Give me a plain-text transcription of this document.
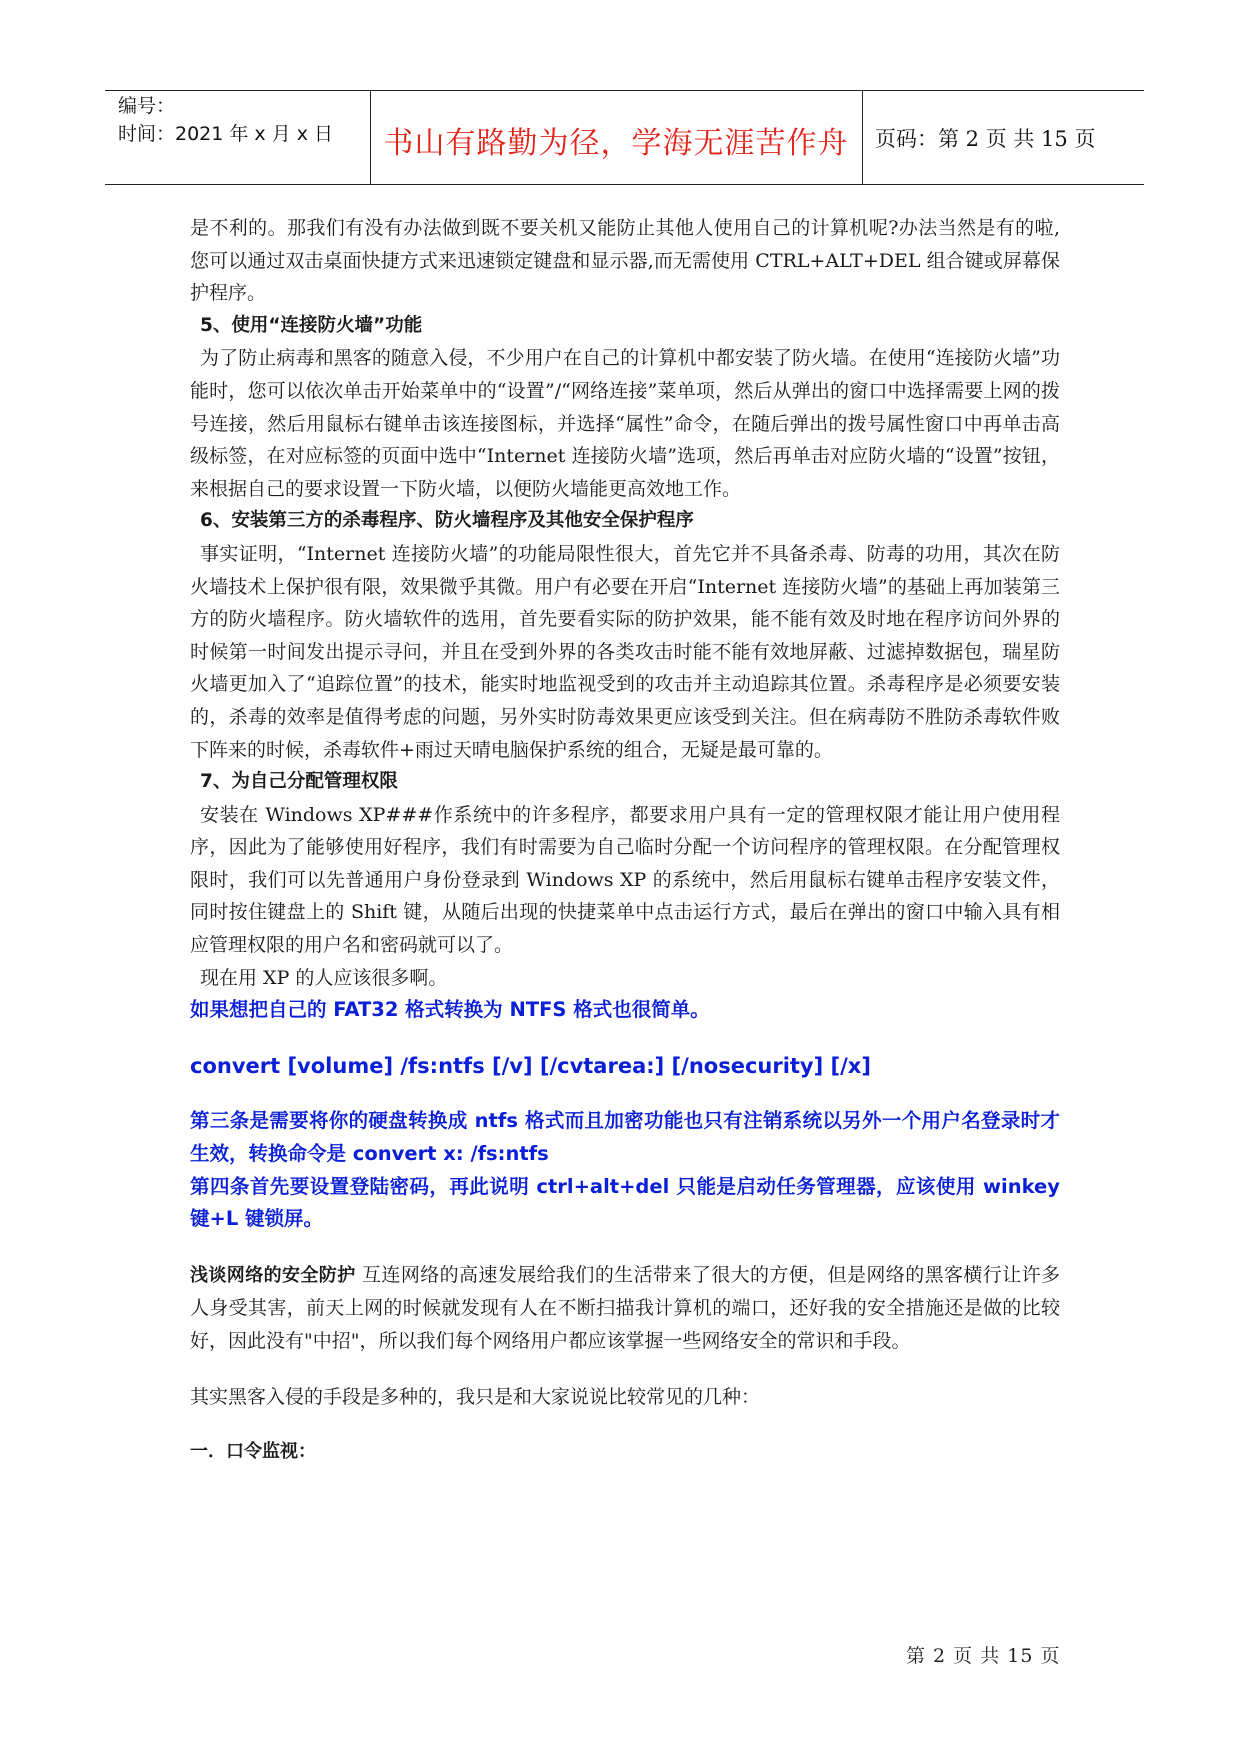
编号：
时间：2021 年 x 月 x 日	书山有路勤为径，学海无涯苦作舟	页码：第 2 页 共 15 页

是不利的。那我们有没有办法做到既不要关机又能防止其他人使用自己的计算机呢?办法当然是有的啦,您可以通过双击桌面快捷方式来迅速锁定键盘和显示器,而无需使用 CTRL+ALT+DEL 组合键或屏幕保护程序。

5、使用“连接防火墙”功能

为了防止病毒和黑客的随意入侵，不少用户在自己的计算机中都安装了防火墙。在使用“连接防火墙”功能时，您可以依次单击开始菜单中的“设置”/“网络连接”菜单项，然后从弹出的窗口中选择需要上网的拨号连接，然后用鼠标右键单击该连接图标，并选择“属性”命令，在随后弹出的拨号属性窗口中再单击高级标签，在对应标签的页面中选中“Internet 连接防火墙”选项，然后再单击对应防火墙的“设置”按钮，来根据自己的要求设置一下防火墙，以便防火墙能更高效地工作。

6、安装第三方的杀毒程序、防火墙程序及其他安全保护程序

事实证明，“Internet 连接防火墙”的功能局限性很大，首先它并不具备杀毒、防毒的功用，其次在防火墙技术上保护很有限，效果微乎其微。用户有必要在开启“Internet 连接防火墙”的基础上再加装第三方的防火墙程序。防火墙软件的选用，首先要看实际的防护效果，能不能有效及时地在程序访问外界的时候第一时间发出提示寻问，并且在受到外界的各类攻击时能不能有效地屏蔽、过滤掉数据包，瑞星防火墙更加入了“追踪位置”的技术，能实时地监视受到的攻击并主动追踪其位置。杀毒程序是必须要安装的，杀毒的效率是值得考虑的问题，另外实时防毒效果更应该受到关注。但在病毒防不胜防杀毒软件败下阵来的时候，杀毒软件+雨过天晴电脑保护系统的组合，无疑是最可靠的。

7、为自己分配管理权限

安装在 Windows XP###作系统中的许多程序，都要求用户具有一定的管理权限才能让用户使用程序，因此为了能够使用好程序，我们有时需要为自己临时分配一个访问程序的管理权限。在分配管理权限时，我们可以先普通用户身份登录到 Windows XP 的系统中，然后用鼠标右键单击程序安装文件，同时按住键盘上的 Shift 键，从随后出现的快捷菜单中点击运行方式，最后在弹出的窗口中输入具有相应管理权限的用户名和密码就可以了。

现在用 XP 的人应该很多啊。

如果想把自己的 FAT32 格式转换为 NTFS 格式也很简单。

convert [volume] /fs:ntfs [/v] [/cvtarea:] [/nosecurity] [/x]

第三条是需要将你的硬盘转换成 ntfs 格式而且加密功能也只有注销系统以另外一个用户名登录时才生效，转换命令是 convert x: /fs:ntfs

第四条首先要设置登陆密码，再此说明 ctrl+alt+del 只能是启动任务管理器，应该使用 winkey 键+L 键锁屏。

浅谈网络的安全防护 互连网络的高速发展给我们的生活带来了很大的方便，但是网络的黑客横行让许多人身受其害，前天上网的时候就发现有人在不断扫描我计算机的端口，还好我的安全措施还是做的比较好，因此没有"中招"，所以我们每个网络用户都应该掌握一些网络安全的常识和手段。

其实黑客入侵的手段是多种的，我只是和大家说说比较常见的几种：

一．口令监视：

第 2 页 共 15 页
